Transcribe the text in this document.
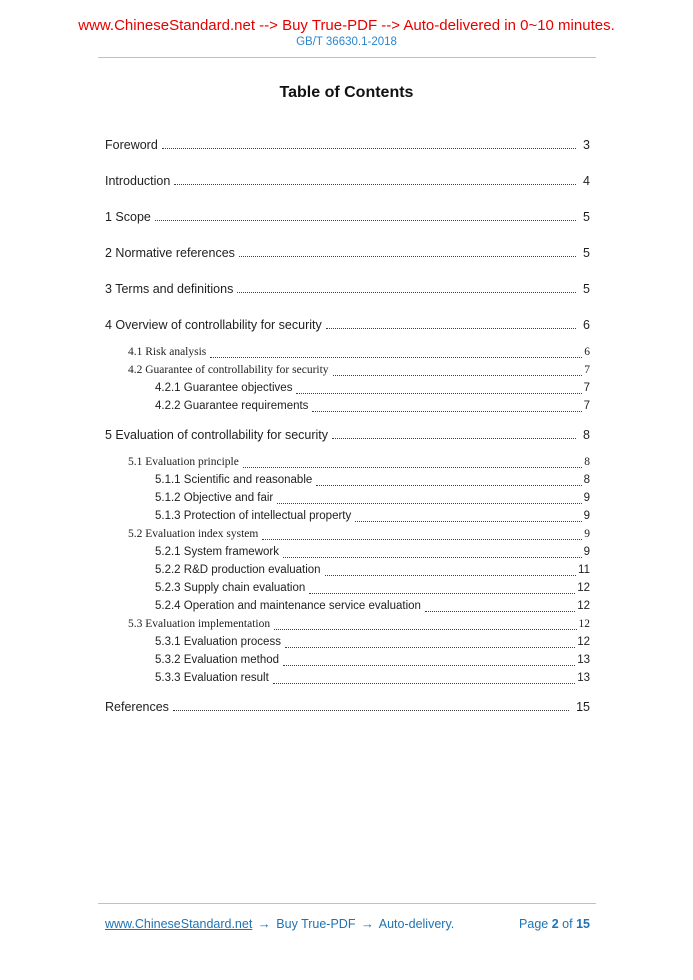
www.ChineseStandard.net --> Buy True-PDF --> Auto-delivered in 0~10 minutes.
GB/T 36630.1-2018
Table of Contents
Foreword	3
Introduction	4
1 Scope	5
2 Normative references	5
3 Terms and definitions	5
4 Overview of controllability for security	6
4.1 Risk analysis	6
4.2 Guarantee of controllability for security	7
4.2.1 Guarantee objectives	7
4.2.2 Guarantee requirements	7
5 Evaluation of controllability for security	8
5.1 Evaluation principle	8
5.1.1 Scientific and reasonable	8
5.1.2 Objective and fair	9
5.1.3 Protection of intellectual property	9
5.2 Evaluation index system	9
5.2.1 System framework	9
5.2.2 R&D production evaluation	11
5.2.3 Supply chain evaluation	12
5.2.4 Operation and maintenance service evaluation	12
5.3 Evaluation implementation	12
5.3.1 Evaluation process	12
5.3.2 Evaluation method	13
5.3.3 Evaluation result	13
References	15
www.ChineseStandard.net → Buy True-PDF → Auto-delivery.	Page 2 of 15
